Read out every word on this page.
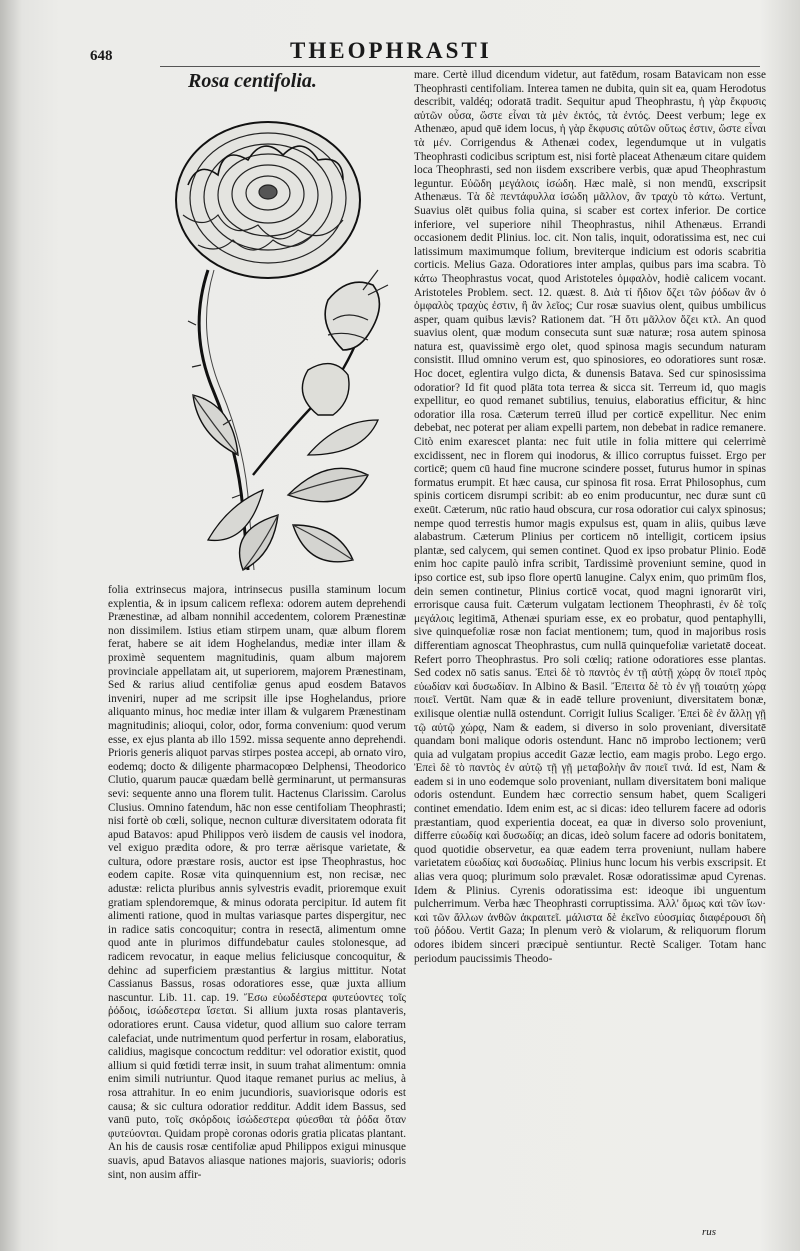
648	THEOPHRASTI
Rosa centifolia.	mare. Certè illud dicendum videtur, aut fatēdum, rosam Batavicam non esse Theophrasti centifoliam. Interea tamen ne dubita, quin sit ea, quam Herodotus describit, valdéq; odoratā tradit. Sequitur apud Theophrastu, ἡ γὰρ ἔκφυσις αὐτῶν οὖσα, ὥστε εἶναι τὰ μὲν ἐκτός, τὰ ἐντός. Deest verbum; lege ex Athenæo, apud quē idem locus, ἡ γὰρ ἔκφυσις αὐτῶν οὕτως ἐστιν, ὥστε εἶναι τὰ μέν. Corrigendus & Athenæi codex, legendumque ut in vulgatis Theophrasti codicibus scriptum est, nisi fortè placeat Athenæum citare quidem loca Theophrasti, sed non iisdem exscribere verbis, quæ apud Theophrastum leguntur. Εὐῶδη μεγάλοις ἰσώδη. Hæc malè, si non mendū, exscripsit Athenæus. Τὰ δὲ πεντάφυλλα ἰσώδη μᾶλλον, ἂν τραχὺ τὸ κάτω. Vertunt, Suavius olēt quibus folia quina, si scaber est cortex inferior. De cortice inferiore, vel superiore nihil Theophrastus, nihil Athenæus. Errandi occasionem dedit Plinius. loc. cit. Non talis, inquit, odoratissima est, nec cui latissimum maximumque folium, breviterque indicium est odoris scabritia corticis. Melius Gaza. Odoratiores inter amplas, quibus pars ima scabra. Τὸ κάτω Theophrastus vocat, quod Aristoteles ὀμφαλὸν, hodiè calicem vocant. Aristoteles Problem. sect. 12. quæst. 8. Διὰ τί ἥδιον ὄζει τῶν ῥόδων ἂν ὁ ὀμφαλὸς τραχὺς ἐστιν, ἢ ἂν λεῖος; Cur rosæ suavius olent, quibus umbilicus asper, quam quibus lævis? Rationem dat. Ἢ ὅτι μᾶλλον ὄζει κτλ. An quod suavius olent, quæ modum consecuta sunt suæ naturæ; rosa autem spinosa natura est, quavissimè ergo olet, quod spinosa magis secundum naturam consistit. Illud omnino verum est, quo spinosiores, eo odoratiores sunt rosæ. Hoc docet, eglentira vulgo dicta, & dunensis Batava. Sed cur spinosissima odoratior? Id fit quod plāta tota terrea & sicca sit. Terreum id, quo magis expellitur, eo quod remanet subtilius, tenuius, elaboratius efficitur, & hinc odoratior illa rosa. Cæterum terreū illud per corticē expellitur. Nec enim debebat, nec poterat per aliam expelli partem, non debebat in radice remanere. Citò enim exarescet planta: nec fuit utile in folia mittere qui celerrimè excidissent, nec in florem qui inodorus, & illico corruptus fuisset. Ergo per corticē; quem cū haud fine mucrone scindere posset, futurus humor in spinas formatus erumpit. Et hæc causa, cur spinosa fit rosa. Errat Philosophus, cum spinis corticem disrumpi scribit: ab eo enim producuntur, nec duræ sunt cū exeūt. Cæterum, nūc ratio haud obscura, cur rosa odoratior cui calyx spinosus; nempe quod terrestis humor magis expulsus est, quam in aliis, quibus læve alabastrum. Cæterum Plinius per corticem nō intelligit, corticem ipsius plantæ, sed calycem, qui semen continet. Quod ex ipso probatur Plinio. Eodē enim hoc capite paulò infra scribit, Tardissimè proveniunt semine, quod in ipso cortice est, sub ipso flore opertū lanugine. Calyx enim, quo primūm flos, dein semen continetur, Plinius corticē vocat, quod magni ignorarūt viri, errorisque causa fuit. Cæterum vulgatam lectionem Theophrasti, ἐν δὲ τοῖς μεγάλοις legitimā, Athenæi spuriam esse, ex eo probatur, quod pentaphylli, sive quinquefoliæ rosæ non faciat mentionem; tum, quod in majoribus rosis differentiam agnoscat Theophrastus, cum nullā quinquefoliæ varietatē doceat. Refert porro Theophrastus. Pro soli cœliq; ratione odoratiores esse plantas. Sed codex nō satis sanus. Ἐπεὶ δὲ τὸ παντὸς ἐν τῇ αὐτῇ χώρᾳ ὂν ποιεῖ πρὸς εὐωδίαν καὶ δυσωδίαν. In Albino & Basil. Ἔπειτα δὲ τὸ ἐν γῇ τοιαύτῃ χώρᾳ ποιεῖ. Vertūt. Nam quæ & in eadē tellure proveniunt, diversitatem bonæ, exilisque olentiæ nullā ostendunt. Corrigit Iulius Scaliger. Ἐπεὶ δὲ ἐν ἄλλῃ γῇ τῷ αὐτῷ χώρᾳ, Nam & eadem, si diverso in solo proveniant, diversitatē quandam boni malique odoris ostendunt. Hanc nō improbo lectionem; verū quia ad vulgatam propius accedit Gazæ lectio, eam magis probo. Lego ergo. Ἐπεὶ δὲ τὸ παντὸς ἐν αὐτῷ τῇ γῇ μεταβολὴν ἂν ποιεῖ τινά. Id est, Nam & eadem si in uno eodemque solo proveniant, nullam diversitatem boni malique odoris ostendunt. Eundem hæc correctio sensum habet, quem Scaligeri continet emendatio. Idem enim est, ac si dicas: ideo tellurem facere ad odoris præstantiam, quod experientia doceat, ea quæ in diverso solo proveniunt, differre εὐωδίᾳ καὶ δυσωδίᾳ; an dicas, ideò solum facere ad odoris bonitatem, quod quotidie observetur, ea quæ eadem terra proveniunt, nullam habere varietatem εὐωδίας καὶ δυσωδίας. Plinius hunc locum his verbis exscripsit. Et alias vera quoq; plurimum solo prævalet. Rosæ odoratissimæ apud Cyrenas. Idem & Plinius. Cyrenis odoratissima est: ideoque ibi unguentum pulcherrimum. Verba hæc Theophrasti corruptissima. Ἀλλ' ὅμως καὶ τῶν ἴων· καὶ τῶν ἄλλων ἀνθῶν ἀκραιτεῖ. μάλιστα δὲ ἐκεῖνο εὐοσμίας διαφέρουσι δὴ τοῦ ῥόδου. Vertit Gaza; In plenum verò & violarum, & reliquorum florum odores ibidem sinceri præcipuè sentiuntur. Rectè Scaliger. Totam hanc periodum paucissimis Theodo-
folia extrinsecus majora, intrinsecus pusilla staminum locum explentia, & in ipsum calicem reflexa: odorem autem deprehendi Prænestinæ, ad albam nonnihil accedentem, colorem Prænestinæ non dissimilem. Istius etiam stirpem unam, quæ album florem ferat, habere se ait idem Hoghelandus, mediæ inter illam & proximè sequentem magnitudinis, quam album majorem provinciale appellatam ait, ut superiorem, majorem Prænestinam, Sed & rarius aliud centifoliæ genus apud eosdem Batavos inveniri, nuper ad me scripsit ille ipse Hoghelandus, priore aliquanto minus, hoc mediæ inter illam & vulgarem Prænestinam magnitudinis; alioqui, color, odor, forma convenium: quod verum esse, ex ejus planta ab illo 1592. missa sequente anno deprehendi. Prioris generis aliquot parvas stirpes postea accepi, ab ornato viro, eodemq; docto & diligente pharmacopœo Delphensi, Theodorico Clutio, quarum paucæ quædam bellè germinarunt, ut permansuras sevi: sequente anno una florem tulit. Hactenus Clarissim. Carolus Clusius. Omnino fatendum, hāc non esse centifoliam Theophrasti; nisi fortè ob cœli, solique, necnon culturæ diversitatem odorata fit apud Batavos: apud Philippos verò iisdem de causis vel inodora, vel exiguo prædita odore, & pro terræ aërisque varietate, & cultura, odore præstare rosis, auctor est ipse Theophrastus, hoc eodem capite. Rosæ vita quinquennium est, non recisæ, nec adustæ: relicta pluribus annis sylvestris evadit, prioremque exuit gratiam splendoremque, & minus odorata percipitur. Id autem fit alimenti ratione, quod in multas variasque partes dispergitur, nec in radice satis concoquitur; contra in resectā, alimentum omne quod ante in plurimos diffundebatur caules stolonesque, ad radicem revocatur, in eaque melius feliciusque concoquitur, & dehinc ad superficiem præstantius & largius mittitur. Notat Cassianus Bassus, rosas odoratiores esse, quæ juxta allium nascuntur. Lib. 11. cap. 19. Ἔσω εὐωδέστερα φυτεύοντες τοῖς ῥόδοις, ἰσώδεστερα ἴσεται. Si allium juxta rosas plantaveris, odoratiores erunt. Causa videtur, quod allium suo calore terram calefaciat, unde nutrimentum quod perfertur in rosam, elaboratius, calidius, magisque concoctum redditur: vel odoratior existit, quod allium si quid fœtidi terræ insit, in suum trahat alimentum: omnia enim simili nutriuntur. Quod itaque remanet purius ac melius, à rosa attrahitur. In eo enim jucundioris, suaviorisque odoris est causa; & sic cultura odoratior redditur. Addit idem Bassus, sed vanū puto, τοῖς σκόρδοις ἰσώδεστερα φύεσθαι τὰ ῥόδα ὅταν φυτεύονται. Quidam propè coronas odoris gratia plicatas plantant. An his de causis rosæ centifoliæ apud Philippos exigui minusque suavis, apud Batavos aliasque nationes majoris, suavioris; odoris sint, non ausim affir-
rus
